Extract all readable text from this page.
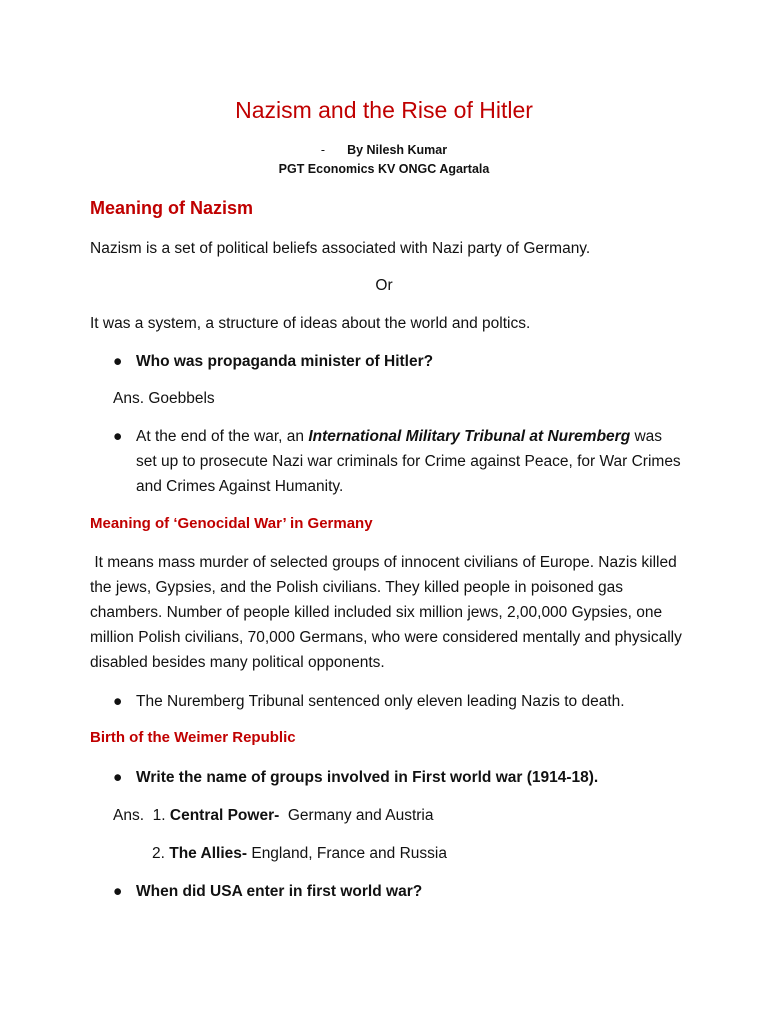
Nazism and the Rise of Hitler
- By Nilesh Kumar
PGT Economics KV ONGC Agartala
Meaning of Nazism
Nazism is a set of political beliefs associated with Nazi party of Germany.
Or
It was a system, a structure of ideas about the world and poltics.
● Who was propaganda minister of Hitler?
Ans. Goebbels
● At the end of the war, an International Military Tribunal at Nuremberg was set up to prosecute Nazi war criminals for Crime against Peace, for War Crimes and Crimes Against Humanity.
Meaning of ‘Genocidal War’ in Germany
It means mass murder of selected groups of innocent civilians of Europe. Nazis killed the jews, Gypsies, and the Polish civilians. They killed people in poisoned gas chambers. Number of people killed included six million jews, 2,00,000 Gypsies, one million Polish civilians, 70,000 Germans, who were considered mentally and physically disabled besides many political opponents.
● The Nuremberg Tribunal sentenced only eleven leading Nazis to death.
Birth of the Weimer Republic
● Write the name of groups involved in First world war (1914-18).
Ans.  1. Central Power-  Germany and Austria
2. The Allies- England, France and Russia
● When did USA enter in first world war?
